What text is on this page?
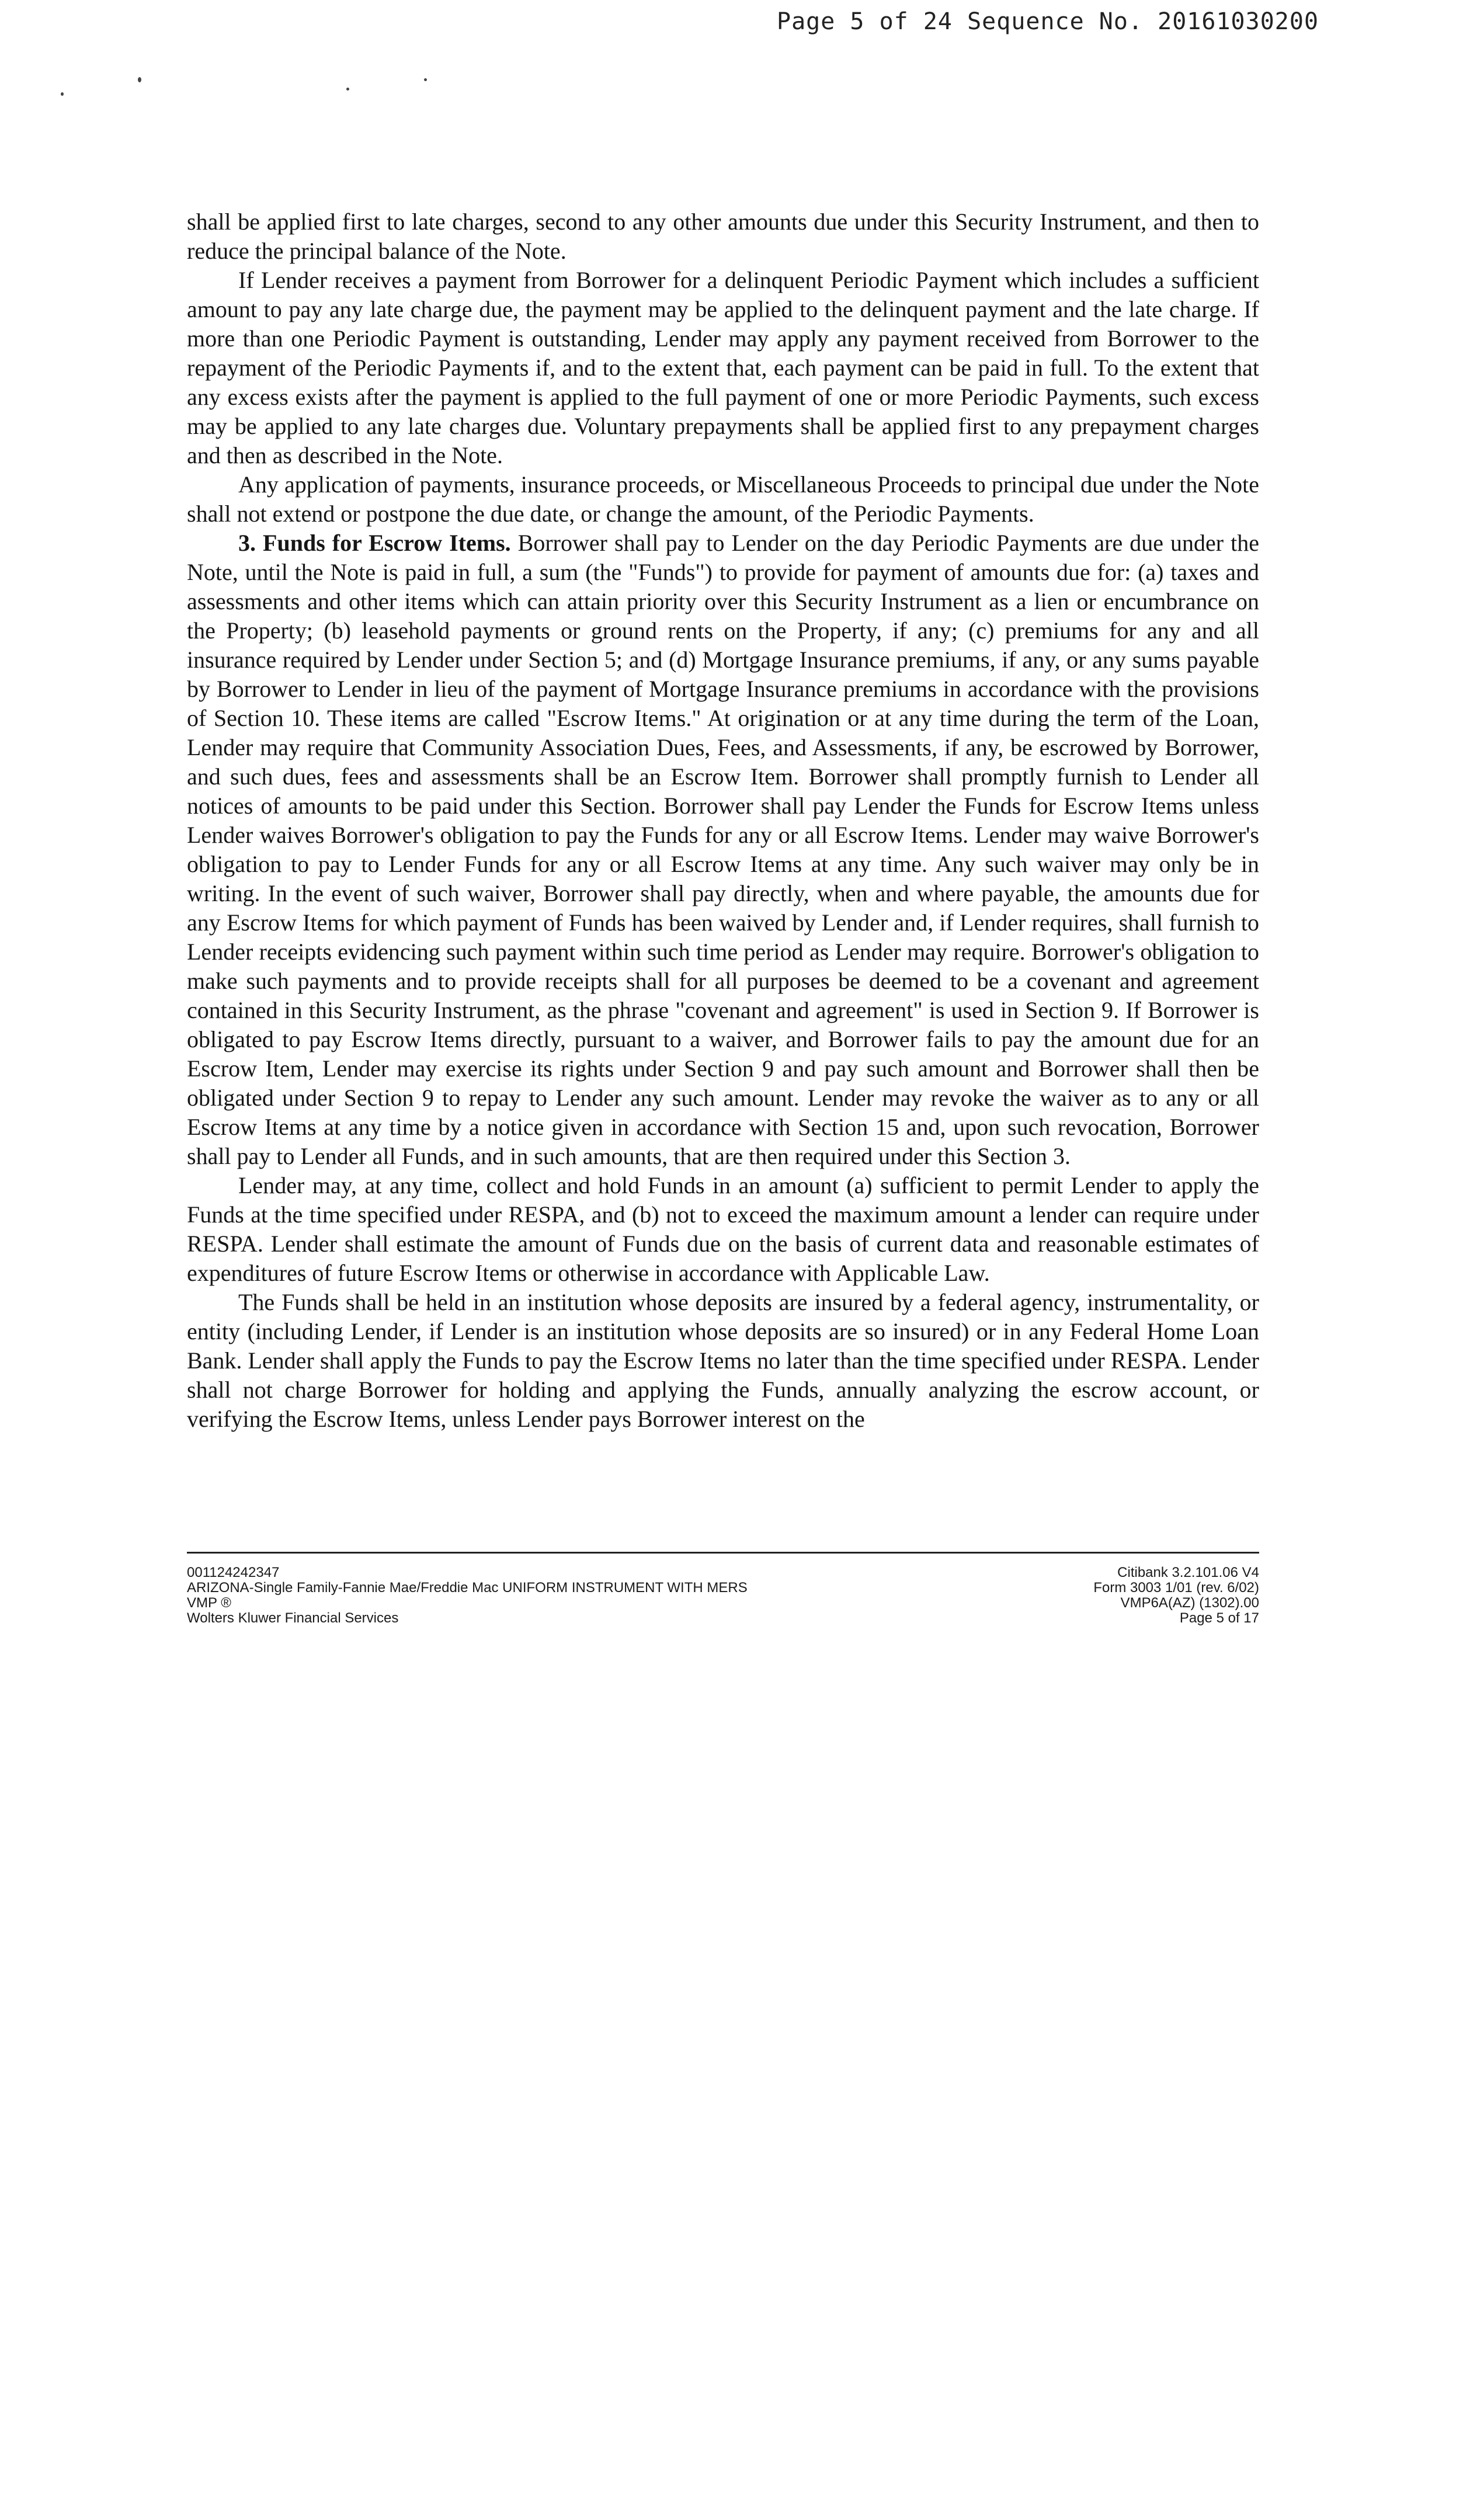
Page 5 of 24 Sequence No. 20161030200

shall be applied first to late charges, second to any other amounts due under this Security Instrument, and then to reduce the principal balance of the Note.

If Lender receives a payment from Borrower for a delinquent Periodic Payment which includes a sufficient amount to pay any late charge due, the payment may be applied to the delinquent payment and the late charge. If more than one Periodic Payment is outstanding, Lender may apply any payment received from Borrower to the repayment of the Periodic Payments if, and to the extent that, each payment can be paid in full. To the extent that any excess exists after the payment is applied to the full payment of one or more Periodic Payments, such excess may be applied to any late charges due. Voluntary prepayments shall be applied first to any prepayment charges and then as described in the Note.

Any application of payments, insurance proceeds, or Miscellaneous Proceeds to principal due under the Note shall not extend or postpone the due date, or change the amount, of the Periodic Payments.

3. Funds for Escrow Items. Borrower shall pay to Lender on the day Periodic Payments are due under the Note, until the Note is paid in full, a sum (the "Funds") to provide for payment of amounts due for: (a) taxes and assessments and other items which can attain priority over this Security Instrument as a lien or encumbrance on the Property; (b) leasehold payments or ground rents on the Property, if any; (c) premiums for any and all insurance required by Lender under Section 5; and (d) Mortgage Insurance premiums, if any, or any sums payable by Borrower to Lender in lieu of the payment of Mortgage Insurance premiums in accordance with the provisions of Section 10. These items are called "Escrow Items." At origination or at any time during the term of the Loan, Lender may require that Community Association Dues, Fees, and Assessments, if any, be escrowed by Borrower, and such dues, fees and assessments shall be an Escrow Item. Borrower shall promptly furnish to Lender all notices of amounts to be paid under this Section. Borrower shall pay Lender the Funds for Escrow Items unless Lender waives Borrower's obligation to pay the Funds for any or all Escrow Items. Lender may waive Borrower's obligation to pay to Lender Funds for any or all Escrow Items at any time. Any such waiver may only be in writing. In the event of such waiver, Borrower shall pay directly, when and where payable, the amounts due for any Escrow Items for which payment of Funds has been waived by Lender and, if Lender requires, shall furnish to Lender receipts evidencing such payment within such time period as Lender may require. Borrower's obligation to make such payments and to provide receipts shall for all purposes be deemed to be a covenant and agreement contained in this Security Instrument, as the phrase "covenant and agreement" is used in Section 9. If Borrower is obligated to pay Escrow Items directly, pursuant to a waiver, and Borrower fails to pay the amount due for an Escrow Item, Lender may exercise its rights under Section 9 and pay such amount and Borrower shall then be obligated under Section 9 to repay to Lender any such amount. Lender may revoke the waiver as to any or all Escrow Items at any time by a notice given in accordance with Section 15 and, upon such revocation, Borrower shall pay to Lender all Funds, and in such amounts, that are then required under this Section 3.

Lender may, at any time, collect and hold Funds in an amount (a) sufficient to permit Lender to apply the Funds at the time specified under RESPA, and (b) not to exceed the maximum amount a lender can require under RESPA. Lender shall estimate the amount of Funds due on the basis of current data and reasonable estimates of expenditures of future Escrow Items or otherwise in accordance with Applicable Law.

The Funds shall be held in an institution whose deposits are insured by a federal agency, instrumentality, or entity (including Lender, if Lender is an institution whose deposits are so insured) or in any Federal Home Loan Bank. Lender shall apply the Funds to pay the Escrow Items no later than the time specified under RESPA. Lender shall not charge Borrower for holding and applying the Funds, annually analyzing the escrow account, or verifying the Escrow Items, unless Lender pays Borrower interest on the

001124242347
ARIZONA-Single Family-Fannie Mae/Freddie Mac UNIFORM INSTRUMENT WITH MERS
VMP ®
Wolters Kluwer Financial Services
Citibank 3.2.101.06 V4
Form 3003 1/01 (rev. 6/02)
VMP6A(AZ) (1302).00
Page 5 of 17
